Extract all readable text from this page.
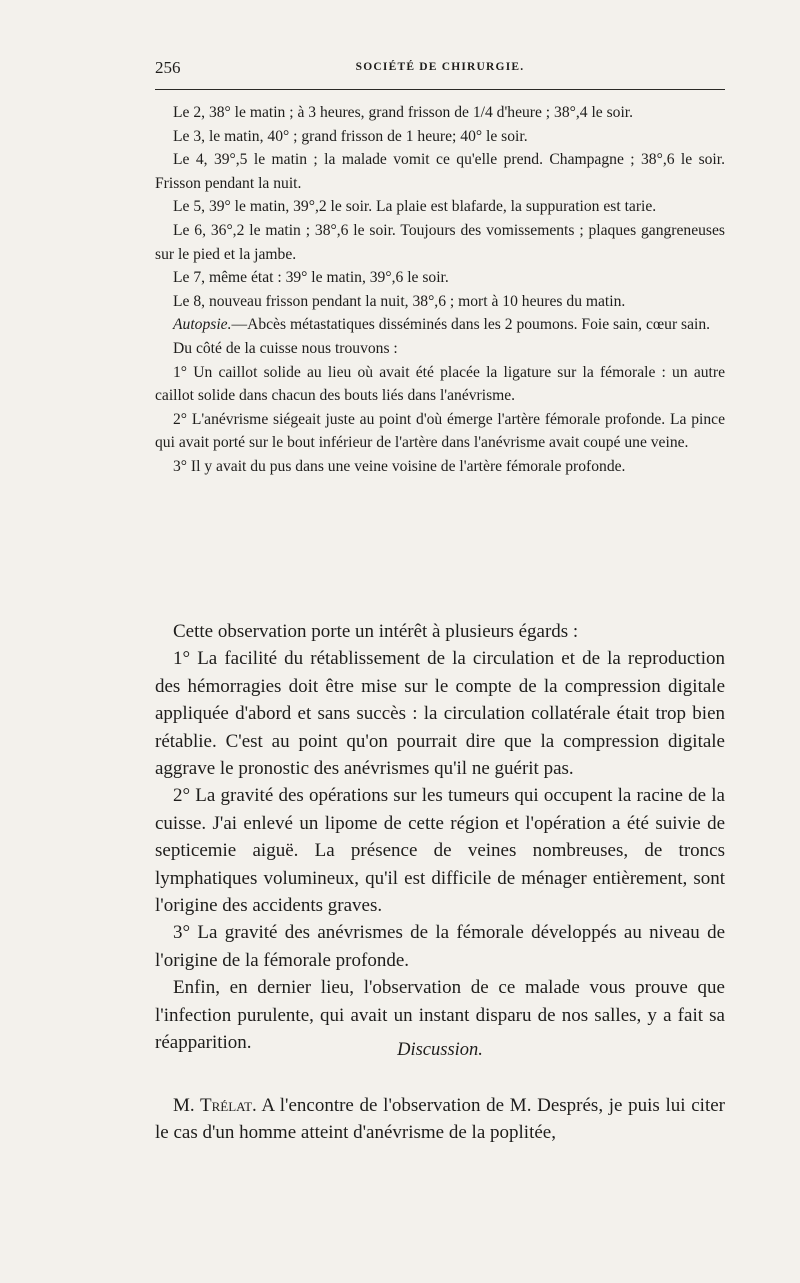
256	SOCIÉTÉ DE CHIRURGIE.

Le 2, 38° le matin ; à 3 heures, grand frisson de 1/4 d'heure ; 38°,4 le soir.

Le 3, le matin, 40° ; grand frisson de 1 heure; 40° le soir.

Le 4, 39°,5 le matin ; la malade vomit ce qu'elle prend. Champagne ; 38°,6 le soir. Frisson pendant la nuit.

Le 5, 39° le matin, 39°,2 le soir. La plaie est blafarde, la suppuration est tarie.

Le 6, 36°,2 le matin ; 38°,6 le soir. Toujours des vomissements ; plaques gangreneuses sur le pied et la jambe.

Le 7, même état : 39° le matin, 39°,6 le soir.

Le 8, nouveau frisson pendant la nuit, 38°,6 ; mort à 10 heures du matin.

Autopsie.—Abcès métastatiques disséminés dans les 2 poumons. Foie sain, cœur sain.

Du côté de la cuisse nous trouvons :

1° Un caillot solide au lieu où avait été placée la ligature sur la fémorale : un autre caillot solide dans chacun des bouts liés dans l'anévrisme.

2° L'anévrisme siégeait juste au point d'où émerge l'artère fémorale profonde. La pince qui avait porté sur le bout inférieur de l'artère dans l'anévrisme avait coupé une veine.

3° Il y avait du pus dans une veine voisine de l'artère fémorale profonde.

Cette observation porte un intérêt à plusieurs égards :

1° La facilité du rétablissement de la circulation et de la reproduction des hémorragies doit être mise sur le compte de la compression digitale appliquée d'abord et sans succès : la circulation collatérale était trop bien rétablie. C'est au point qu'on pourrait dire que la compression digitale aggrave le pronostic des anévrismes qu'il ne guérit pas.

2° La gravité des opérations sur les tumeurs qui occupent la racine de la cuisse. J'ai enlevé un lipome de cette région et l'opération a été suivie de septicemie aiguë. La présence de veines nombreuses, de troncs lymphatiques volumineux, qu'il est difficile de ménager entièrement, sont l'origine des accidents graves.

3° La gravité des anévrismes de la fémorale développés au niveau de l'origine de la fémorale profonde.

Enfin, en dernier lieu, l'observation de ce malade vous prouve que l'infection purulente, qui avait un instant disparu de nos salles, y a fait sa réapparition.	Discussion.

M. Trélat. A l'encontre de l'observation de M. Després, je puis lui citer le cas d'un homme atteint d'anévrisme de la poplitée,
